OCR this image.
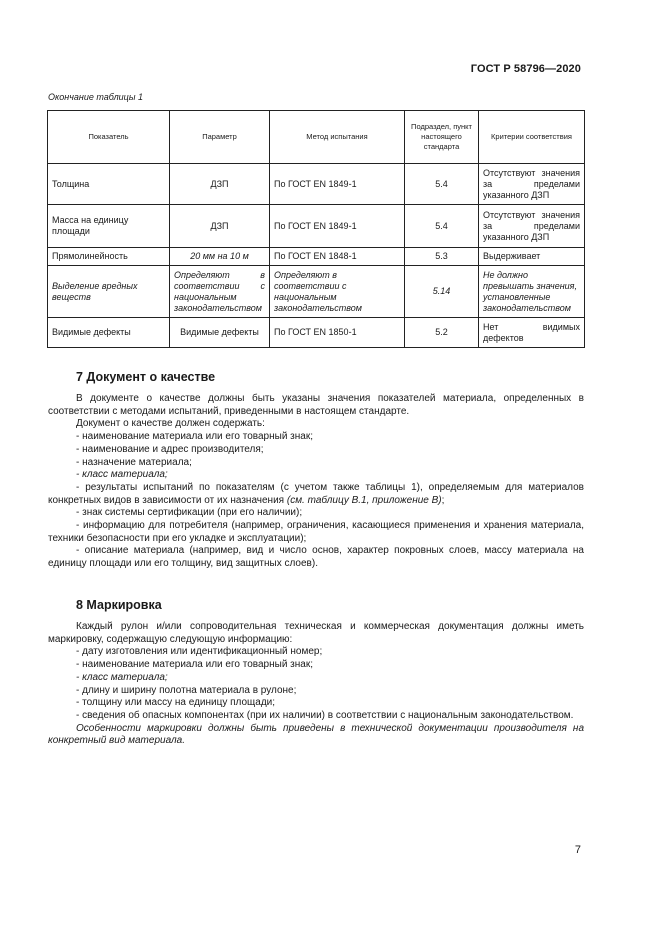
ГОСТ Р 58796—2020
Окончание таблицы 1
Показатель	Параметр	Метод испытания	Подраздел, пункт настоящего стандарта	Критерии соответствия
Толщина	ДЗП	По ГОСТ EN 1849-1	5.4	Отсутствуют значения за пределами указанного ДЗП
Масса на единицу площади	ДЗП	По ГОСТ EN 1849-1	5.4	Отсутствуют значения за пределами указанного ДЗП
Прямолинейность	20 мм на 10 м	По ГОСТ EN 1848-1	5.3	Выдерживает
Выделение вредных веществ	Определяют в соответствии с национальным законодательством	Определяют в соответствии с национальным законодательством	5.14	Не должно превышать значения, установленные законодательством
Видимые дефекты	Видимые дефекты	По ГОСТ EN 1850-1	5.2	Нет видимых дефектов
7 Документ о качестве

В документе о качестве должны быть указаны значения показателей материала, определенных в соответствии с методами испытаний, приведенными в настоящем стандарте.

Документ о качестве должен содержать:

- наименование материала или его товарный знак;

- наименование и адрес производителя;

- назначение материала;

- класс материала;

- результаты испытаний по показателям (с учетом также таблицы 1), определяемым для материалов конкретных видов в зависимости от их назначения (см. таблицу В.1, приложение В);

- знак системы сертификации (при его наличии);

- информацию для потребителя (например, ограничения, касающиеся применения и хранения материала, техники безопасности при его укладке и эксплуатации);

- описание материала (например, вид и число основ, характер покровных слоев, массу материала на единицу площади или его толщину, вид защитных слоев).

8 Маркировка

Каждый рулон и/или сопроводительная техническая и коммерческая документация должны иметь маркировку, содержащую следующую информацию:

- дату изготовления или идентификационный номер;

- наименование материала или его товарный знак;

- класс материала;

- длину и ширину полотна материала в рулоне;

- толщину или массу на единицу площади;

- сведения об опасных компонентах (при их наличии) в соответствии с национальным законодательством.

Особенности маркировки должны быть приведены в технической документации производителя на конкретный вид материала.

7
